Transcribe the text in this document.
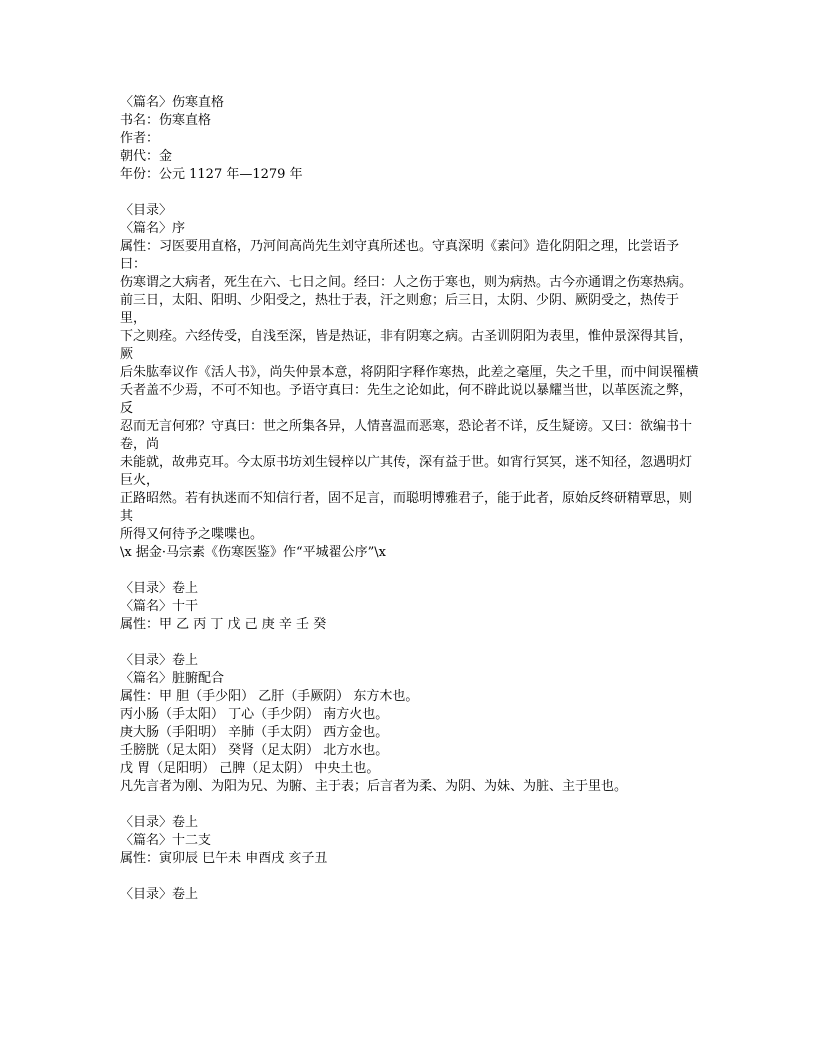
〈篇名〉伤寒直格

书名：伤寒直格

作者：

朝代：金

年份：公元 1127 年—1279 年

〈目录〉

〈篇名〉序

属性：习医要用直格，乃河间高尚先生刘守真所述也。守真深明《素问》造化阴阳之理，比尝语予曰：

伤寒谓之大病者，死生在六、七日之间。经曰：人之伤于寒也，则为病热。古今亦通谓之伤寒热病。

前三日，太阳、阳明、少阳受之，热壮于表，汗之则愈；后三日，太阴、少阴、厥阴受之，热传于里，

下之则痊。六经传受，自浅至深，皆是热证，非有阴寒之病。古圣训阴阳为表里，惟仲景深得其旨，厥

后朱肱奉议作《活人书》，尚失仲景本意，将阴阳字释作寒热，此差之毫厘，失之千里，而中间误罹横

夭者盖不少焉，不可不知也。予语守真曰：先生之论如此，何不辟此说以暴耀当世，以革医流之弊，反

忍而无言何邪？守真曰：世之所集各异，人情喜温而恶寒，恐论者不详，反生疑谤。又曰：欲编书十卷，尚

未能就，故弗克耳。今太原书坊刘生锓梓以广其传，深有益于世。如宵行冥冥，迷不知径，忽遇明灯巨火，

正路昭然。若有执迷而不知信行者，固不足言，而聪明博雅君子，能于此者，原始反终研精覃思，则其

所得又何待予之喋喋也。

\x 据金·马宗素《伤寒医鉴》作“平城翟公序”\x

〈目录〉卷上

〈篇名〉十干

属性：甲 乙 丙 丁 戊 己 庚 辛 壬 癸

〈目录〉卷上

〈篇名〉脏腑配合

属性：甲 胆（手少阳） 乙肝（手厥阴） 东方木也。

丙小肠（手太阳） 丁心（手少阴） 南方火也。

庚大肠（手阳明） 辛肺（手太阴） 西方金也。

壬膀胱（足太阳） 癸肾（足太阴） 北方水也。

戊 胃（足阳明） 己脾（足太阴） 中央土也。

凡先言者为刚、为阳为兄、为腑、主于表；后言者为柔、为阴、为妹、为脏、主于里也。

〈目录〉卷上

〈篇名〉十二支

属性：寅卯辰 巳午未 申酉戌 亥子丑

〈目录〉卷上
